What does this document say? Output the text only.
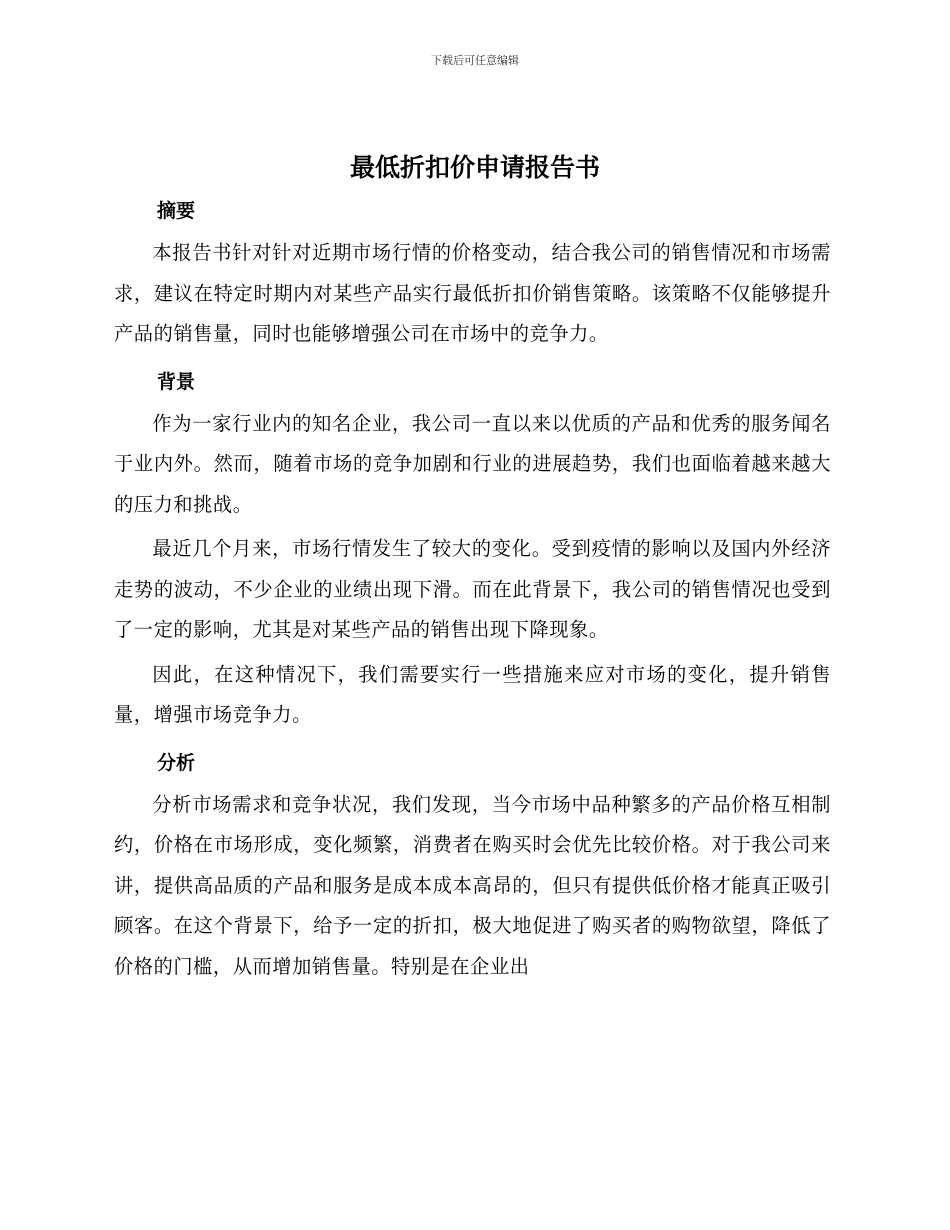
下载后可任意编辑
最低折扣价申请报告书
摘要

本报告书针对针对近期市场行情的价格变动，结合我公司的销售情况和市场需求，建议在特定时期内对某些产品实行最低折扣价销售策略。该策略不仅能够提升产品的销售量，同时也能够增强公司在市场中的竞争力。

背景

作为一家行业内的知名企业，我公司一直以来以优质的产品和优秀的服务闻名于业内外。然而，随着市场的竞争加剧和行业的进展趋势，我们也面临着越来越大的压力和挑战。

最近几个月来，市场行情发生了较大的变化。受到疫情的影响以及国内外经济走势的波动，不少企业的业绩出现下滑。而在此背景下，我公司的销售情况也受到了一定的影响，尤其是对某些产品的销售出现下降现象。

因此，在这种情况下，我们需要实行一些措施来应对市场的变化，提升销售量，增强市场竞争力。

分析

分析市场需求和竞争状况，我们发现，当今市场中品种繁多的产品价格互相制约，价格在市场形成，变化频繁，消费者在购买时会优先比较价格。对于我公司来讲，提供高品质的产品和服务是成本成本高昂的，但只有提供低价格才能真正吸引顾客。在这个背景下，给予一定的折扣，极大地促进了购买者的购物欲望，降低了价格的门槛，从而增加销售量。特别是在企业出
